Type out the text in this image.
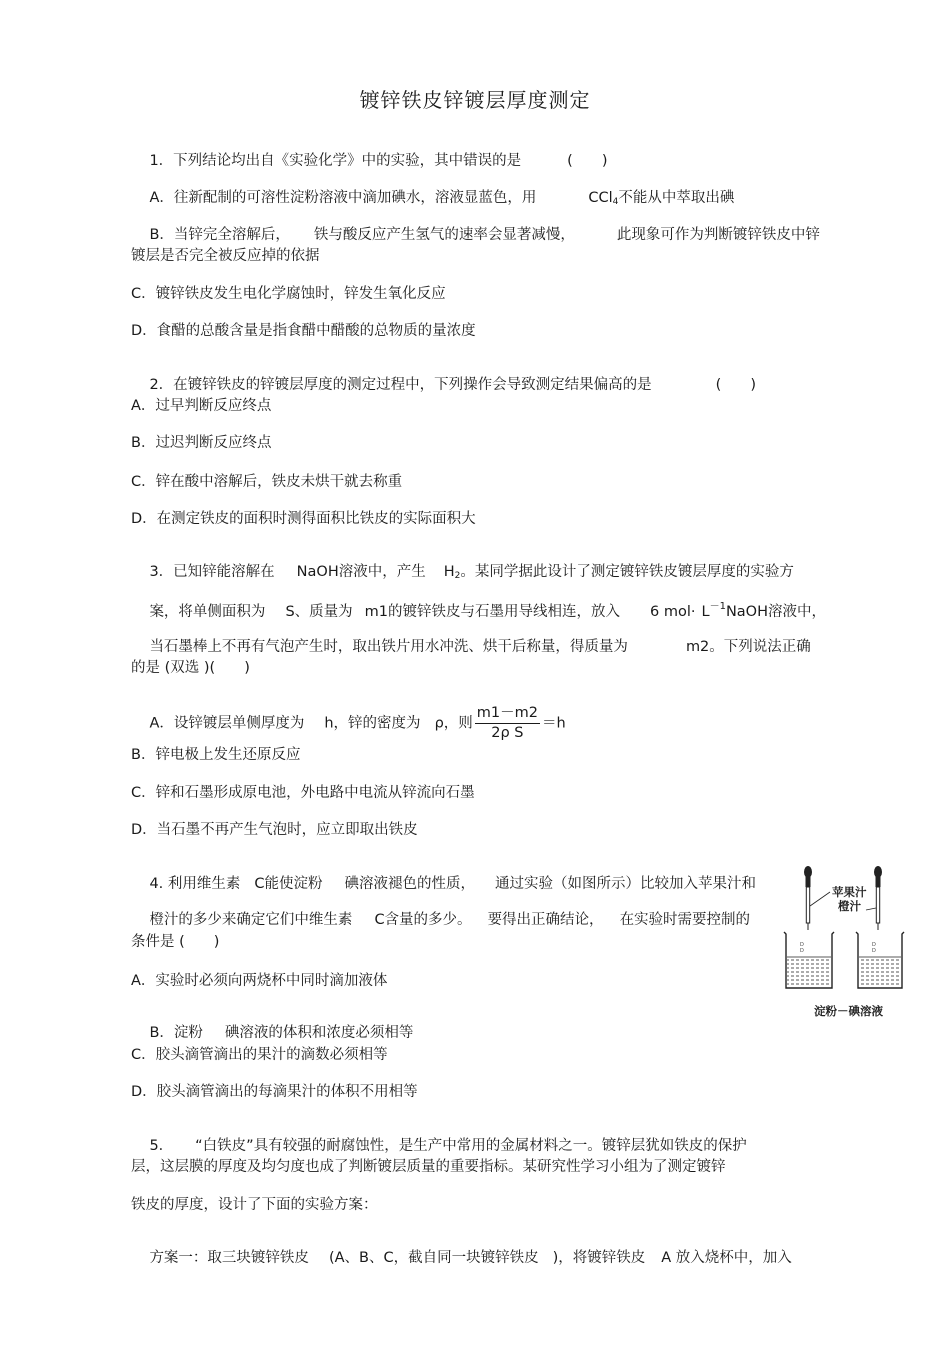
镀锌铁皮锌镀层厚度测定

1．下列结论均出自《实验化学》中的实验，其中错误的是	(　　)

A．往新配制的可溶性淀粉溶液中滴加碘水，溶液显蓝色，用	CCl$_4$不能从中萃取出碘

B．当锌完全溶解后， 铁与酸反应产生氢气的速率会显著减慢，	此现象可作为判断镀锌铁皮中锌

镀层是否完全被反应掉的依据
C．镀锌铁皮发生电化学腐蚀时，锌发生氧化反应
D．食醋的总酸含量是指食醋中醋酸的总物质的量浓度

2．在镀锌铁皮的锌镀层厚度的测定过程中，下列操作会导致测定结果偏高的是	(　　)

A．过早判断反应终点
B．过迟判断反应终点
C．锌在酸中溶解后，铁皮未烘干就去称重
D．在测定铁皮的面积时测得面积比铁皮的实际面积大

3．已知锌能溶解在 NaOH溶液中，产生 $H_2$。某同学据此设计了测定镀锌铁皮镀层厚度的实验方

案，将单侧面积为 S、质量为 m1的镀锌铁皮与石墨用导线相连，放入 6 $mol\cdot L^{-1}NaOH$溶液中，

当石墨棒上不再有气泡产生时，取出铁片用水冲洗、烘干后称量，得质量为	m2。下列说法正确

的是 (双选 )(　　)

A．设锌镀层单侧厚度为 h，锌的密度为 ρ，则 $\frac{m1-m2}{\text{2ρ S}} =h$

B．锌电极上发生还原反应
C．锌和石墨形成原电池，外电路中电流从锌流向石墨
D．当石墨不再产生气泡时，应立即取出铁皮

4. 利用维生素 C能使淀粉 碘溶液褪色的性质， 通过实验（如图所示）比较加入苹果汁和

橙汁的多少来确定它们中维生素 C含量的多少。 要得出正确结论， 在实验时需要控制的

条件是 (　　)
A．实验时必须向两烧杯中同时滴加液体

B．淀粉 碘溶液的体积和浓度必须相等

C．胶头滴管滴出的果汁的滴数必须相等
D．胶头滴管滴出的每滴果汁的体积不用相等
D
D
D
D
苹果汁
橙汁
淀粉－碘溶液

5． “白铁皮”具有较强的耐腐蚀性，是生产中常用的金属材料之一。镀锌层犹如铁皮的保护

层，这层膜的厚度及均匀度也成了判断镀层质量的重要指标。某研究性学习小组为了测定镀锌
铁皮的厚度，设计了下面的实验方案：

方案一：取三块镀锌铁皮 (A、B、C，截自同一块镀锌铁皮 )，将镀锌铁皮 A 放入烧杯中，加入
